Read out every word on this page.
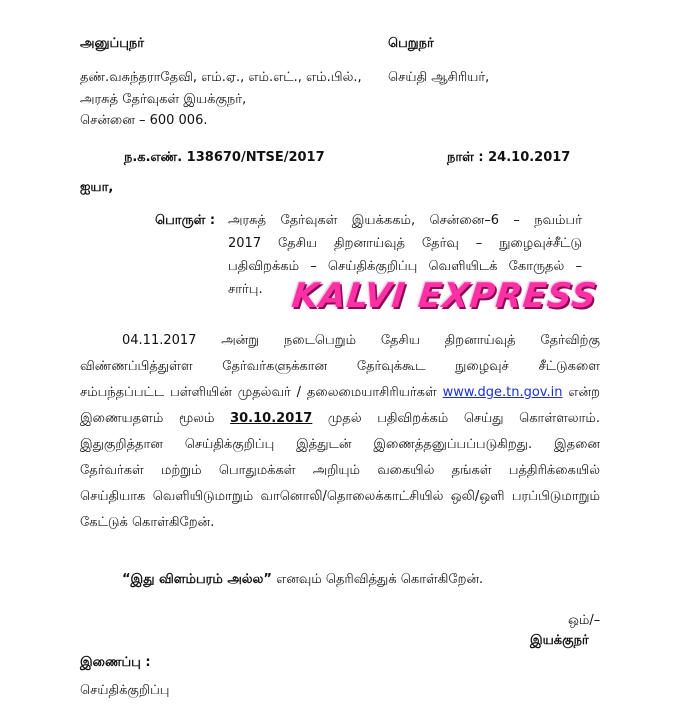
அனுப்புநர்	பெறுநர்
தண்.வசுந்தராதேவி, எம்.ஏ., எம்.எட்., எம்.பில்., செய்தி ஆசிரியர்,
அரசுத் தேர்வுகள் இயக்குநர்,
சென்னை – 600 006.
ந.க.எண். 138670/NTSE/2017	நாள் : 24.10.2017
ஐயா,
பொருள் : அரசுத் தேர்வுகள் இயக்ககம், சென்னை–6 – நவம்பர்
2017 தேசிய திறனாய்வுத் தேர்வு – நுழைவுச்சீட்டு
பதிவிறக்கம் – செய்திக்குறிப்பு வெளியிடக் கோருதல் –
சார்பு. KALVI EXPRESS
04.11.2017 அன்று நடைபெறும் தேசிய திறனாய்வுத் தேர்விற்கு
விண்ணப்பித்துள்ள தேர்வர்களுக்கான தேர்வுக்கூட நுழைவுச் சீட்டுகளை
சம்பந்தப்பட்ட பள்ளியின் முதல்வர் / தலைமையாசிரியர்கள் www.dge.tn.gov.in என்ற
இணையதளம் மூலம் 30.10.2017 முதல் பதிவிறக்கம் செய்து கொள்ளலாம்.
இதுகுறித்தான செய்திக்குறிப்பு இத்துடன் இணைத்தனுப்பப்படுகிறது. இதனை
தேர்வர்கள் மற்றும் பொதுமக்கள் அறியும் வகையில் தங்கள் பத்திரிக்கையில்
செய்தியாக வெளியிடுமாறும் வானொலி/தொலைக்காட்சியில் ஒலி/ஒளி பரப்பிடுமாறும்
கேட்டுக் கொள்கிறேன்.
“இது விளம்பரம் அல்ல” எனவும் தெரிவித்துக் கொள்கிறேன்.
ஒம்/–
இயக்குநர்
இணைப்பு :
செய்திக்குறிப்பு
